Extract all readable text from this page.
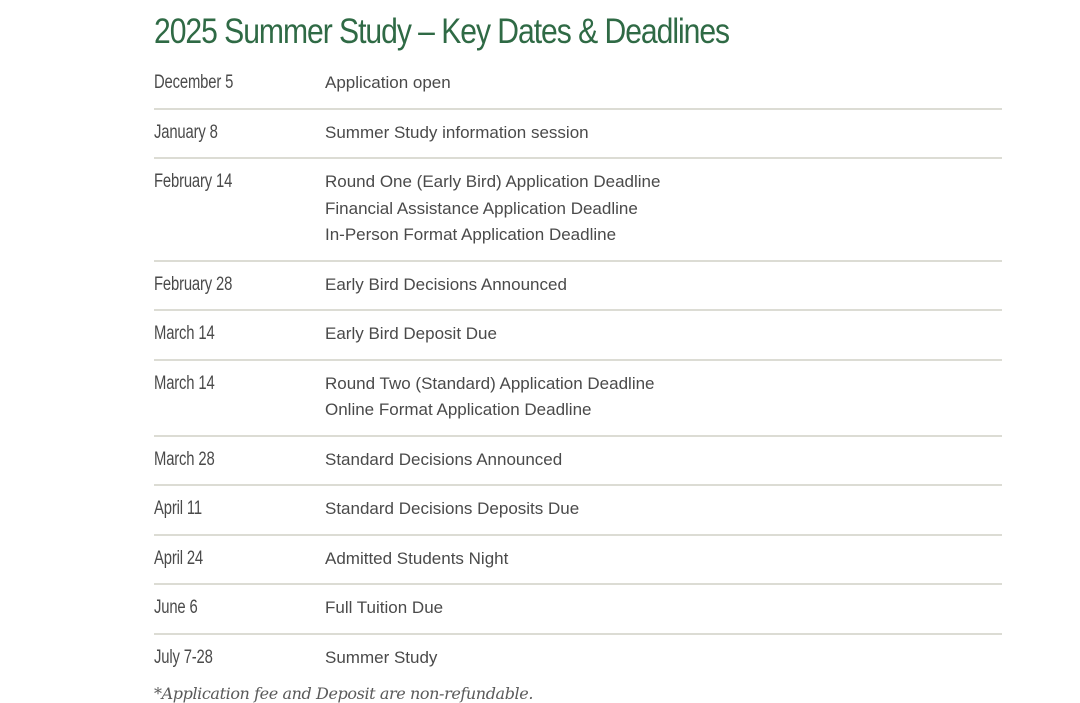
2025 Summer Study – Key Dates & Deadlines
December 5	Application open
January 8	Summer Study information session
February 14	Round One (Early Bird) Application Deadline
Financial Assistance Application Deadline
In-Person Format Application Deadline
February 28	Early Bird Decisions Announced
March 14	Early Bird Deposit Due
March 14	Round Two (Standard) Application Deadline
Online Format Application Deadline
March 28	Standard Decisions Announced
April 11	Standard Decisions Deposits Due
April 24	Admitted Students Night
June 6	Full Tuition Due
July 7-28	Summer Study
*Application fee and Deposit are non-refundable.
